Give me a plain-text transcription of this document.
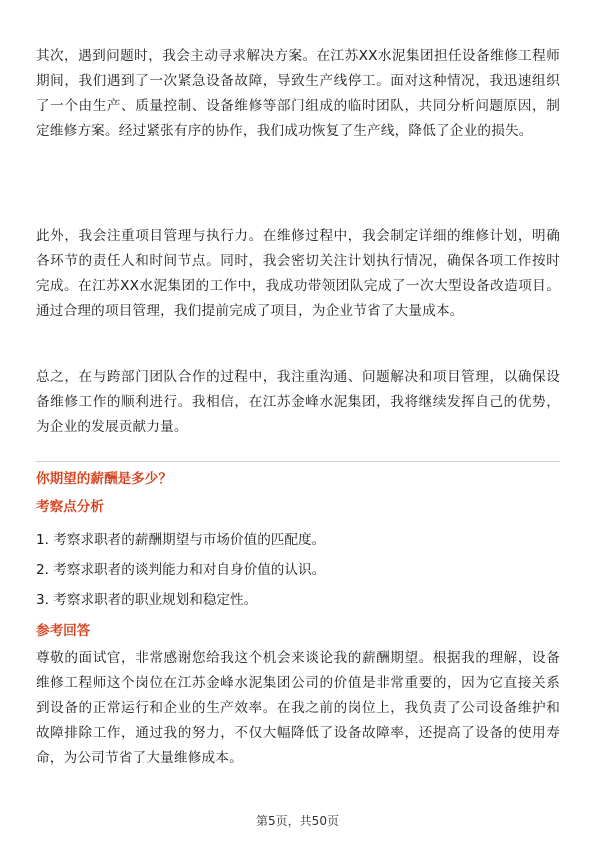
其次，遇到问题时，我会主动寻求解决方案。在江苏XX水泥集团担任设备维修工程师期间，我们遇到了一次紧急设备故障，导致生产线停工。面对这种情况，我迅速组织了一个由生产、质量控制、设备维修等部门组成的临时团队，共同分析问题原因，制定维修方案。经过紧张有序的协作，我们成功恢复了生产线，降低了企业的损失。

此外，我会注重项目管理与执行力。在维修过程中，我会制定详细的维修计划，明确各环节的责任人和时间节点。同时，我会密切关注计划执行情况，确保各项工作按时完成。在江苏XX水泥集团的工作中，我成功带领团队完成了一次大型设备改造项目。通过合理的项目管理，我们提前完成了项目，为企业节省了大量成本。

总之，在与跨部门团队合作的过程中，我注重沟通、问题解决和项目管理，以确保设备维修工作的顺利进行。我相信，在江苏金峰水泥集团，我将继续发挥自己的优势，为企业的发展贡献力量。

你期望的薪酬是多少？

考察点分析

1. 考察求职者的薪酬期望与市场价值的匹配度。
2. 考察求职者的谈判能力和对自身价值的认识。
3. 考察求职者的职业规划和稳定性。

参考回答

尊敬的面试官，非常感谢您给我这个机会来谈论我的薪酬期望。根据我的理解，设备维修工程师这个岗位在江苏金峰水泥集团公司的价值是非常重要的，因为它直接关系到设备的正常运行和企业的生产效率。在我之前的岗位上，我负责了公司设备维护和故障排除工作，通过我的努力，不仅大幅降低了设备故障率，还提高了设备的使用寿命，为公司节省了大量维修成本。

第5页，共50页
